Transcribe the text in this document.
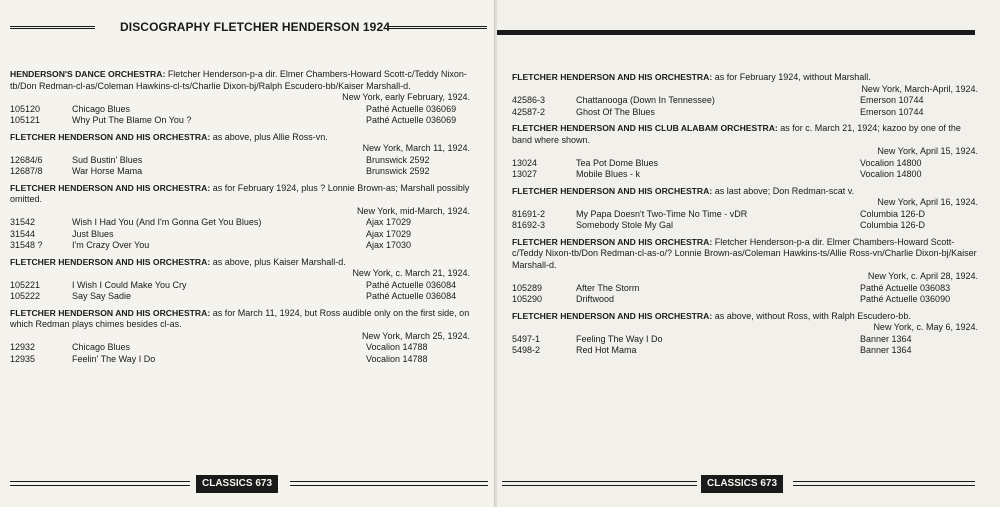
DISCOGRAPHY FLETCHER HENDERSON 1924
HENDERSON'S DANCE ORCHESTRA: Fletcher Henderson-p-a dir. Elmer Chambers-Howard Scott-c/Teddy Nixon-tb/Don Redman-cl-as/Coleman Hawkins-cl-ts/Charlie Dixon-bj/Ralph Escudero-bb/Kaiser Marshall-d.
New York, early February, 1924.
105120	Chicago Blues	Pathé Actuelle 036069
105121	Why Put The Blame On You ?	Pathé Actuelle 036069
FLETCHER HENDERSON AND HIS ORCHESTRA: as above, plus Allie Ross-vn.
New York, March 11, 1924.
12684/6	Sud Bustin' Blues	Brunswick 2592
12687/8	War Horse Mama	Brunswick 2592
FLETCHER HENDERSON AND HIS ORCHESTRA: as for February 1924, plus ? Lonnie Brown-as; Marshall possibly omitted.
New York, mid-March, 1924.
31542	Wish I Had You (And I'm Gonna Get You Blues)	Ajax 17029
31544	Just Blues	Ajax 17029
31548 ?	I'm Crazy Over You	Ajax 17030
FLETCHER HENDERSON AND HIS ORCHESTRA: as above, plus Kaiser Marshall-d.
New York, c. March 21, 1924.
105221	I Wish I Could Make You Cry	Pathé Actuelle 036084
105222	Say Say Sadie	Pathé Actuelle 036084
FLETCHER HENDERSON AND HIS ORCHESTRA: as for March 11, 1924, but Ross audible only on the first side, on which Redman plays chimes besides cl-as.
New York, March 25, 1924.
12932	Chicago Blues	Vocalion 14788
12935	Feelin' The Way I Do	Vocalion 14788
CLASSICS 673
FLETCHER HENDERSON AND HIS ORCHESTRA: as for February 1924, without Marshall.
New York, March-April, 1924.
42586-3	Chattanooga (Down In Tennessee)	Emerson 10744
42587-2	Ghost Of The Blues	Emerson 10744
FLETCHER HENDERSON AND HIS CLUB ALABAM ORCHESTRA: as for c. March 21, 1924; kazoo by one of the band where shown.
New York, April 15, 1924.
13024	Tea Pot Dome Blues	Vocalion 14800
13027	Mobile Blues - k	Vocalion 14800
FLETCHER HENDERSON AND HIS ORCHESTRA: as last above; Don Redman-scat v.
New York, April 16, 1924.
81691-2	My Papa Doesn't Two-Time No Time - vDR	Columbia 126-D
81692-3	Somebody Stole My Gal	Columbia 126-D
FLETCHER HENDERSON AND HIS ORCHESTRA: Fletcher Henderson-p-a dir. Elmer Chambers-Howard Scott-c/Teddy Nixon-tb/Don Redman-cl-as-o/? Lonnie Brown-as/Coleman Hawkins-ts/Allie Ross-vn/Charlie Dixon-bj/Kaiser Marshall-d.
New York, c. April 28, 1924.
105289	After The Storm	Pathé Actuelle 036083
105290	Driftwood	Pathé Actuelle 036090
FLETCHER HENDERSON AND HIS ORCHESTRA: as above, without Ross, with Ralph Escudero-bb.
New York, c. May 6, 1924.
5497-1	Feeling The Way I Do	Banner 1364
5498-2	Red Hot Mama	Banner 1364
CLASSICS 673
